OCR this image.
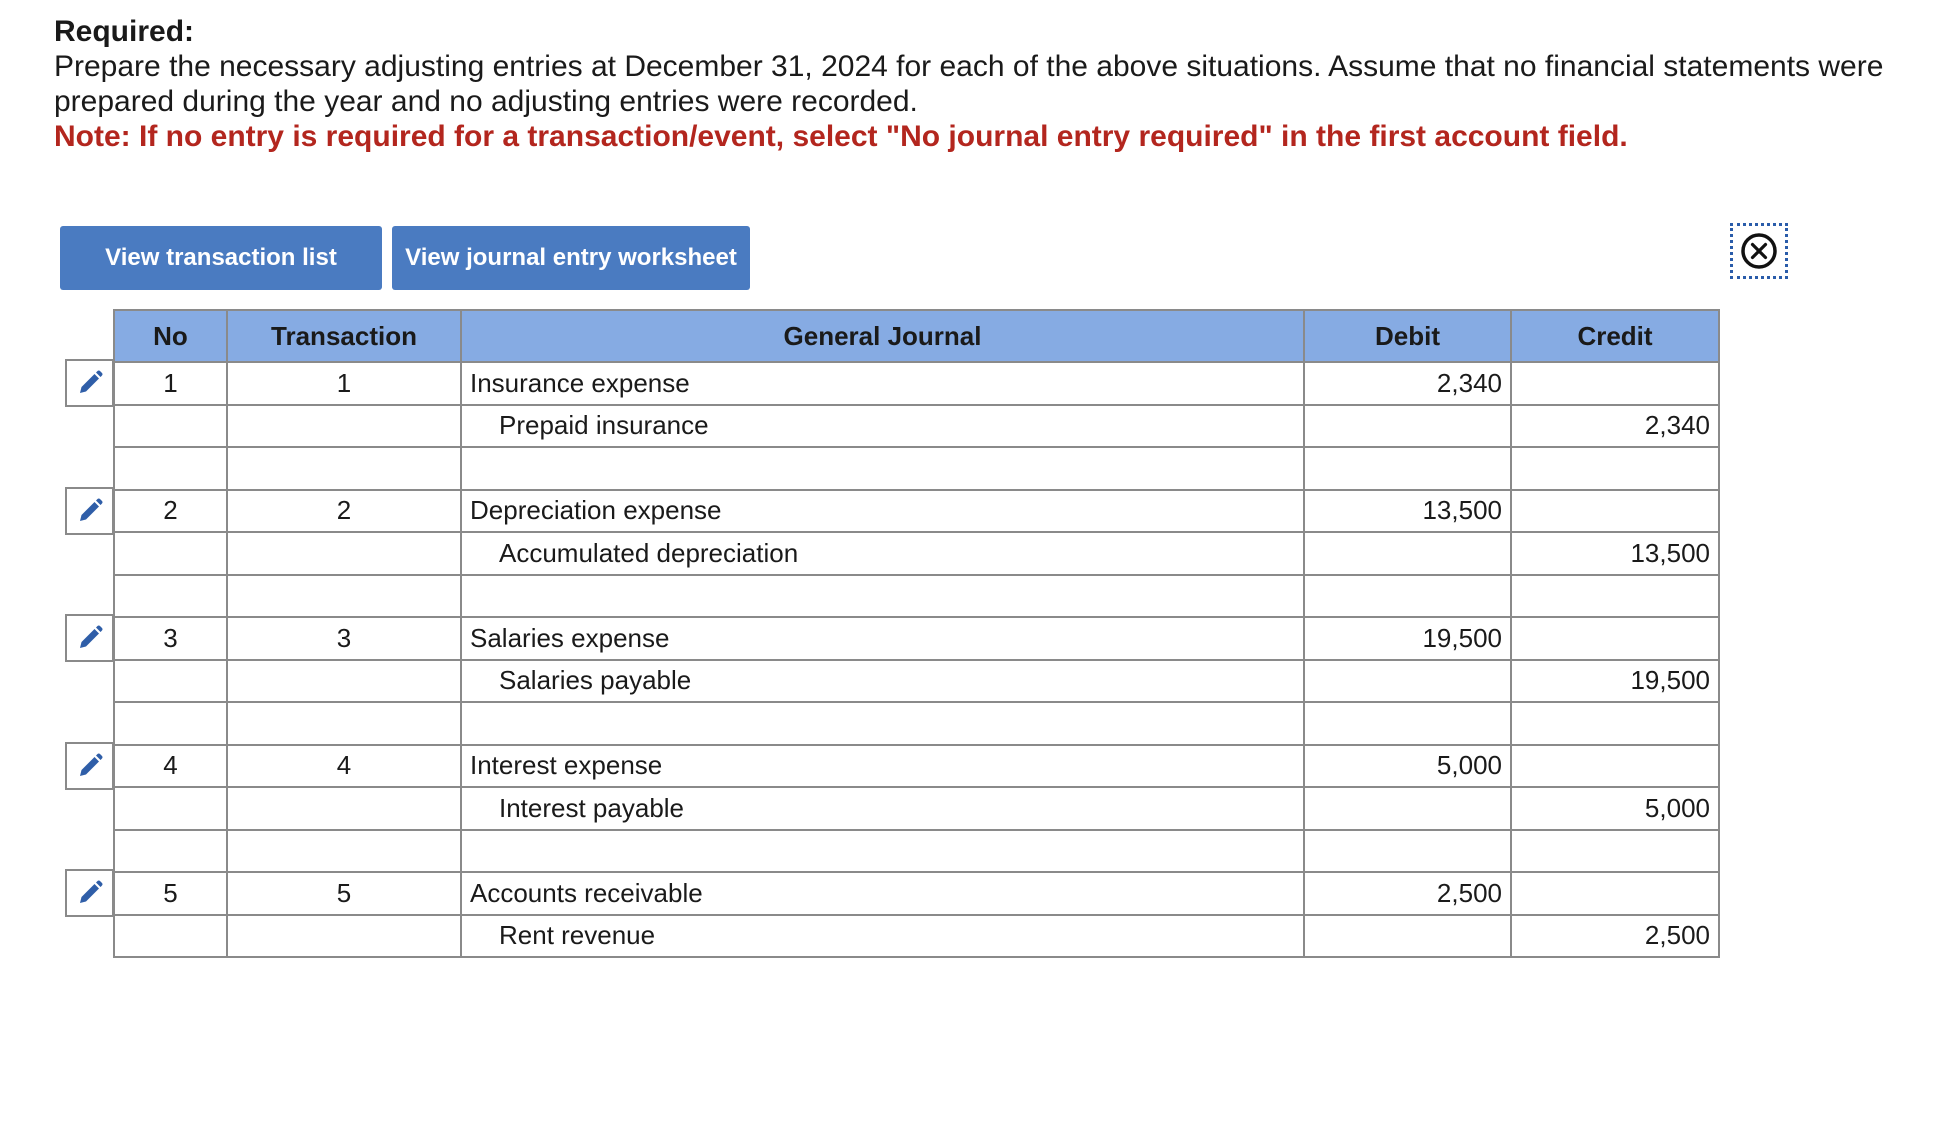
Required:
Prepare the necessary adjusting entries at December 31, 2024 for each of the above situations. Assume that no financial statements were prepared during the year and no adjusting entries were recorded.
Note: If no entry is required for a transaction/event, select "No journal entry required" in the first account field.
View transaction list	View journal entry worksheet
No	Transaction	General Journal	Debit	Credit
1	1	Insurance expense	2,340	
		Prepaid insurance		2,340

2	2	Depreciation expense	13,500	
		Accumulated depreciation		13,500

3	3	Salaries expense	19,500	
		Salaries payable		19,500

4	4	Interest expense	5,000	
		Interest payable		5,000

5	5	Accounts receivable	2,500	
		Rent revenue		2,500
